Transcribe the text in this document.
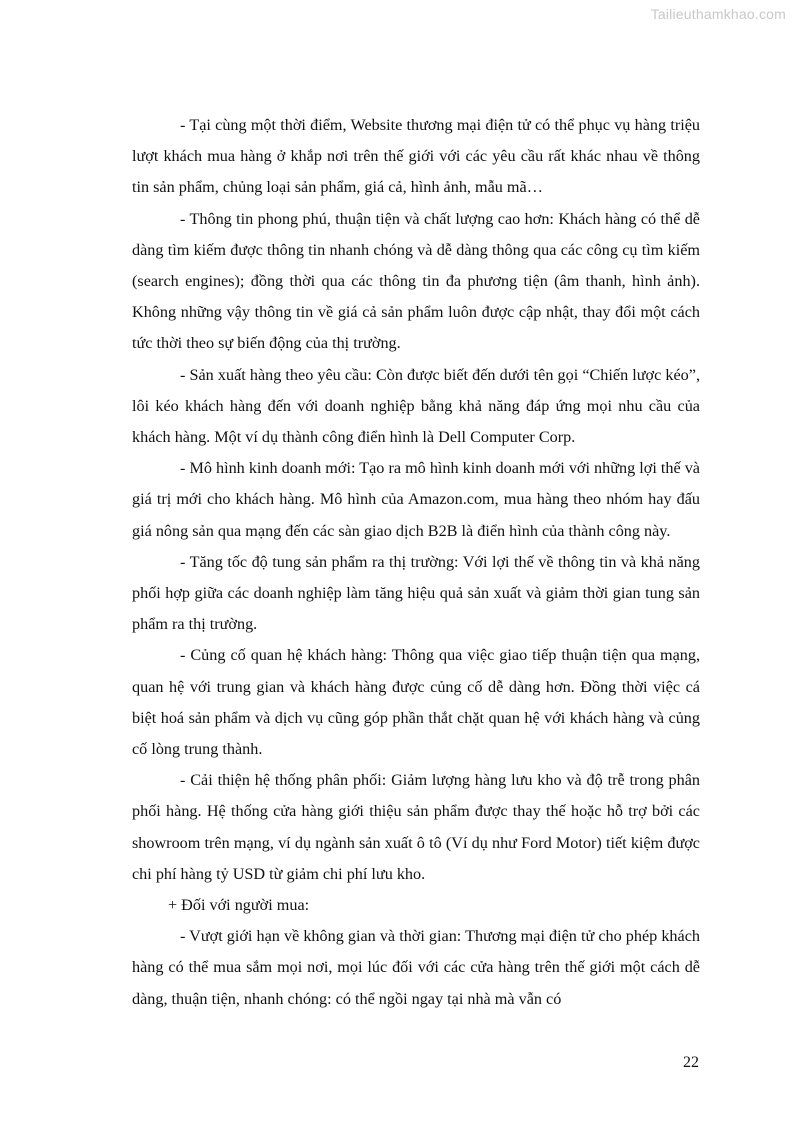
Tailieuthamkhao.com

- Tại cùng một thời điểm, Website thương mại điện tử có thể phục vụ hàng triệu lượt khách mua hàng ở khắp nơi trên thế giới với các yêu cầu rất khác nhau về thông tin sản phẩm, chủng loại sản phẩm, giá cả, hình ảnh, mẫu mã…

- Thông tin phong phú, thuận tiện và chất lượng cao hơn: Khách hàng có thể dễ dàng tìm kiếm được thông tin nhanh chóng và dễ dàng thông qua các công cụ tìm kiếm (search engines); đồng thời qua các thông tin đa phương tiện (âm thanh, hình ảnh). Không những vậy thông tin về giá cả sản phẩm luôn được cập nhật, thay đổi một cách tức thời theo sự biến động của thị trường.

- Sản xuất hàng theo yêu cầu: Còn được biết đến dưới tên gọi “Chiến lược kéo”, lôi kéo khách hàng đến với doanh nghiệp bằng khả năng đáp ứng mọi nhu cầu của khách hàng. Một ví dụ thành công điển hình là Dell Computer Corp.

- Mô hình kinh doanh mới: Tạo ra mô hình kinh doanh mới với những lợi thế và giá trị mới cho khách hàng. Mô hình của Amazon.com, mua hàng theo nhóm hay đấu giá nông sản qua mạng đến các sàn giao dịch B2B là điển hình của thành công này.

- Tăng tốc độ tung sản phẩm ra thị trường: Với lợi thế về thông tin và khả năng phối hợp giữa các doanh nghiệp làm tăng hiệu quả sản xuất và giảm thời gian tung sản phẩm ra thị trường.

- Củng cố quan hệ khách hàng: Thông qua việc giao tiếp thuận tiện qua mạng, quan hệ với trung gian và khách hàng được củng cố dễ dàng hơn. Đồng thời việc cá biệt hoá sản phẩm và dịch vụ cũng góp phần thắt chặt quan hệ với khách hàng và củng cố lòng trung thành.

- Cải thiện hệ thống phân phối: Giảm lượng hàng lưu kho và độ trễ trong phân phối hàng. Hệ thống cửa hàng giới thiệu sản phẩm được thay thế hoặc hỗ trợ bởi các showroom trên mạng, ví dụ ngành sản xuất ô tô (Ví dụ như Ford Motor) tiết kiệm được chi phí hàng tỷ USD từ giảm chi phí lưu kho.

+ Đối với người mua:

- Vượt giới hạn về không gian và thời gian: Thương mại điện tử cho phép khách hàng có thể mua sắm mọi nơi, mọi lúc đối với các cửa hàng trên thế giới một cách dễ dàng, thuận tiện, nhanh chóng: có thể ngồi ngay tại nhà mà vẫn có

22
